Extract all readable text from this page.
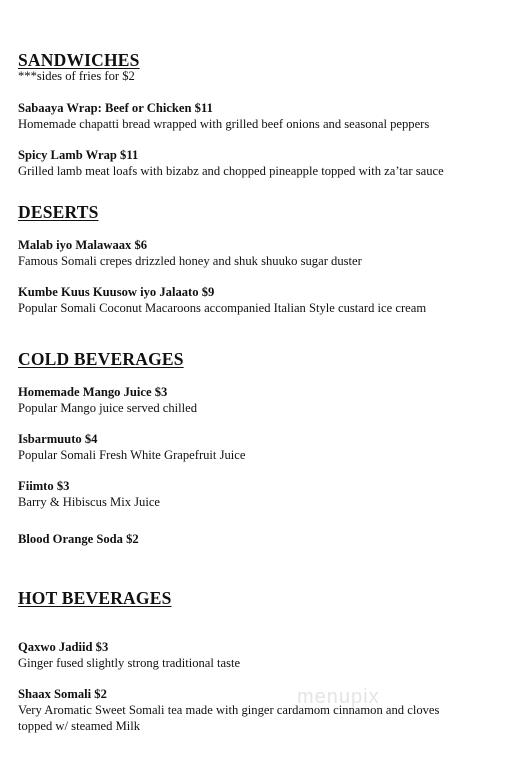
SANDWICHES
***sides of fries for $2
Sabaaya Wrap: Beef or Chicken $11
Homemade chapatti bread wrapped with grilled beef onions and seasonal peppers
Spicy Lamb Wrap $11
Grilled lamb meat loafs with bizabz and chopped pineapple topped with za’tar sauce
DESERTS
Malab iyo Malawaax $6
Famous Somali crepes drizzled honey and shuk shuuko sugar duster
Kumbe Kuus Kuusow iyo Jalaato $9
Popular Somali Coconut Macaroons accompanied Italian Style custard ice cream
COLD BEVERAGES
Homemade Mango Juice $3
Popular Mango juice served chilled
Isbarmuuto $4
Popular Somali Fresh White Grapefruit Juice
Fiimto $3
Barry & Hibiscus Mix Juice
Blood Orange Soda $2
HOT BEVERAGES
Qaxwo Jadiid $3
Ginger fused slightly strong traditional taste
Shaax Somali $2
Very Aromatic Sweet Somali tea made with ginger cardamom cinnamon and cloves
topped w/ steamed Milk
menupix
